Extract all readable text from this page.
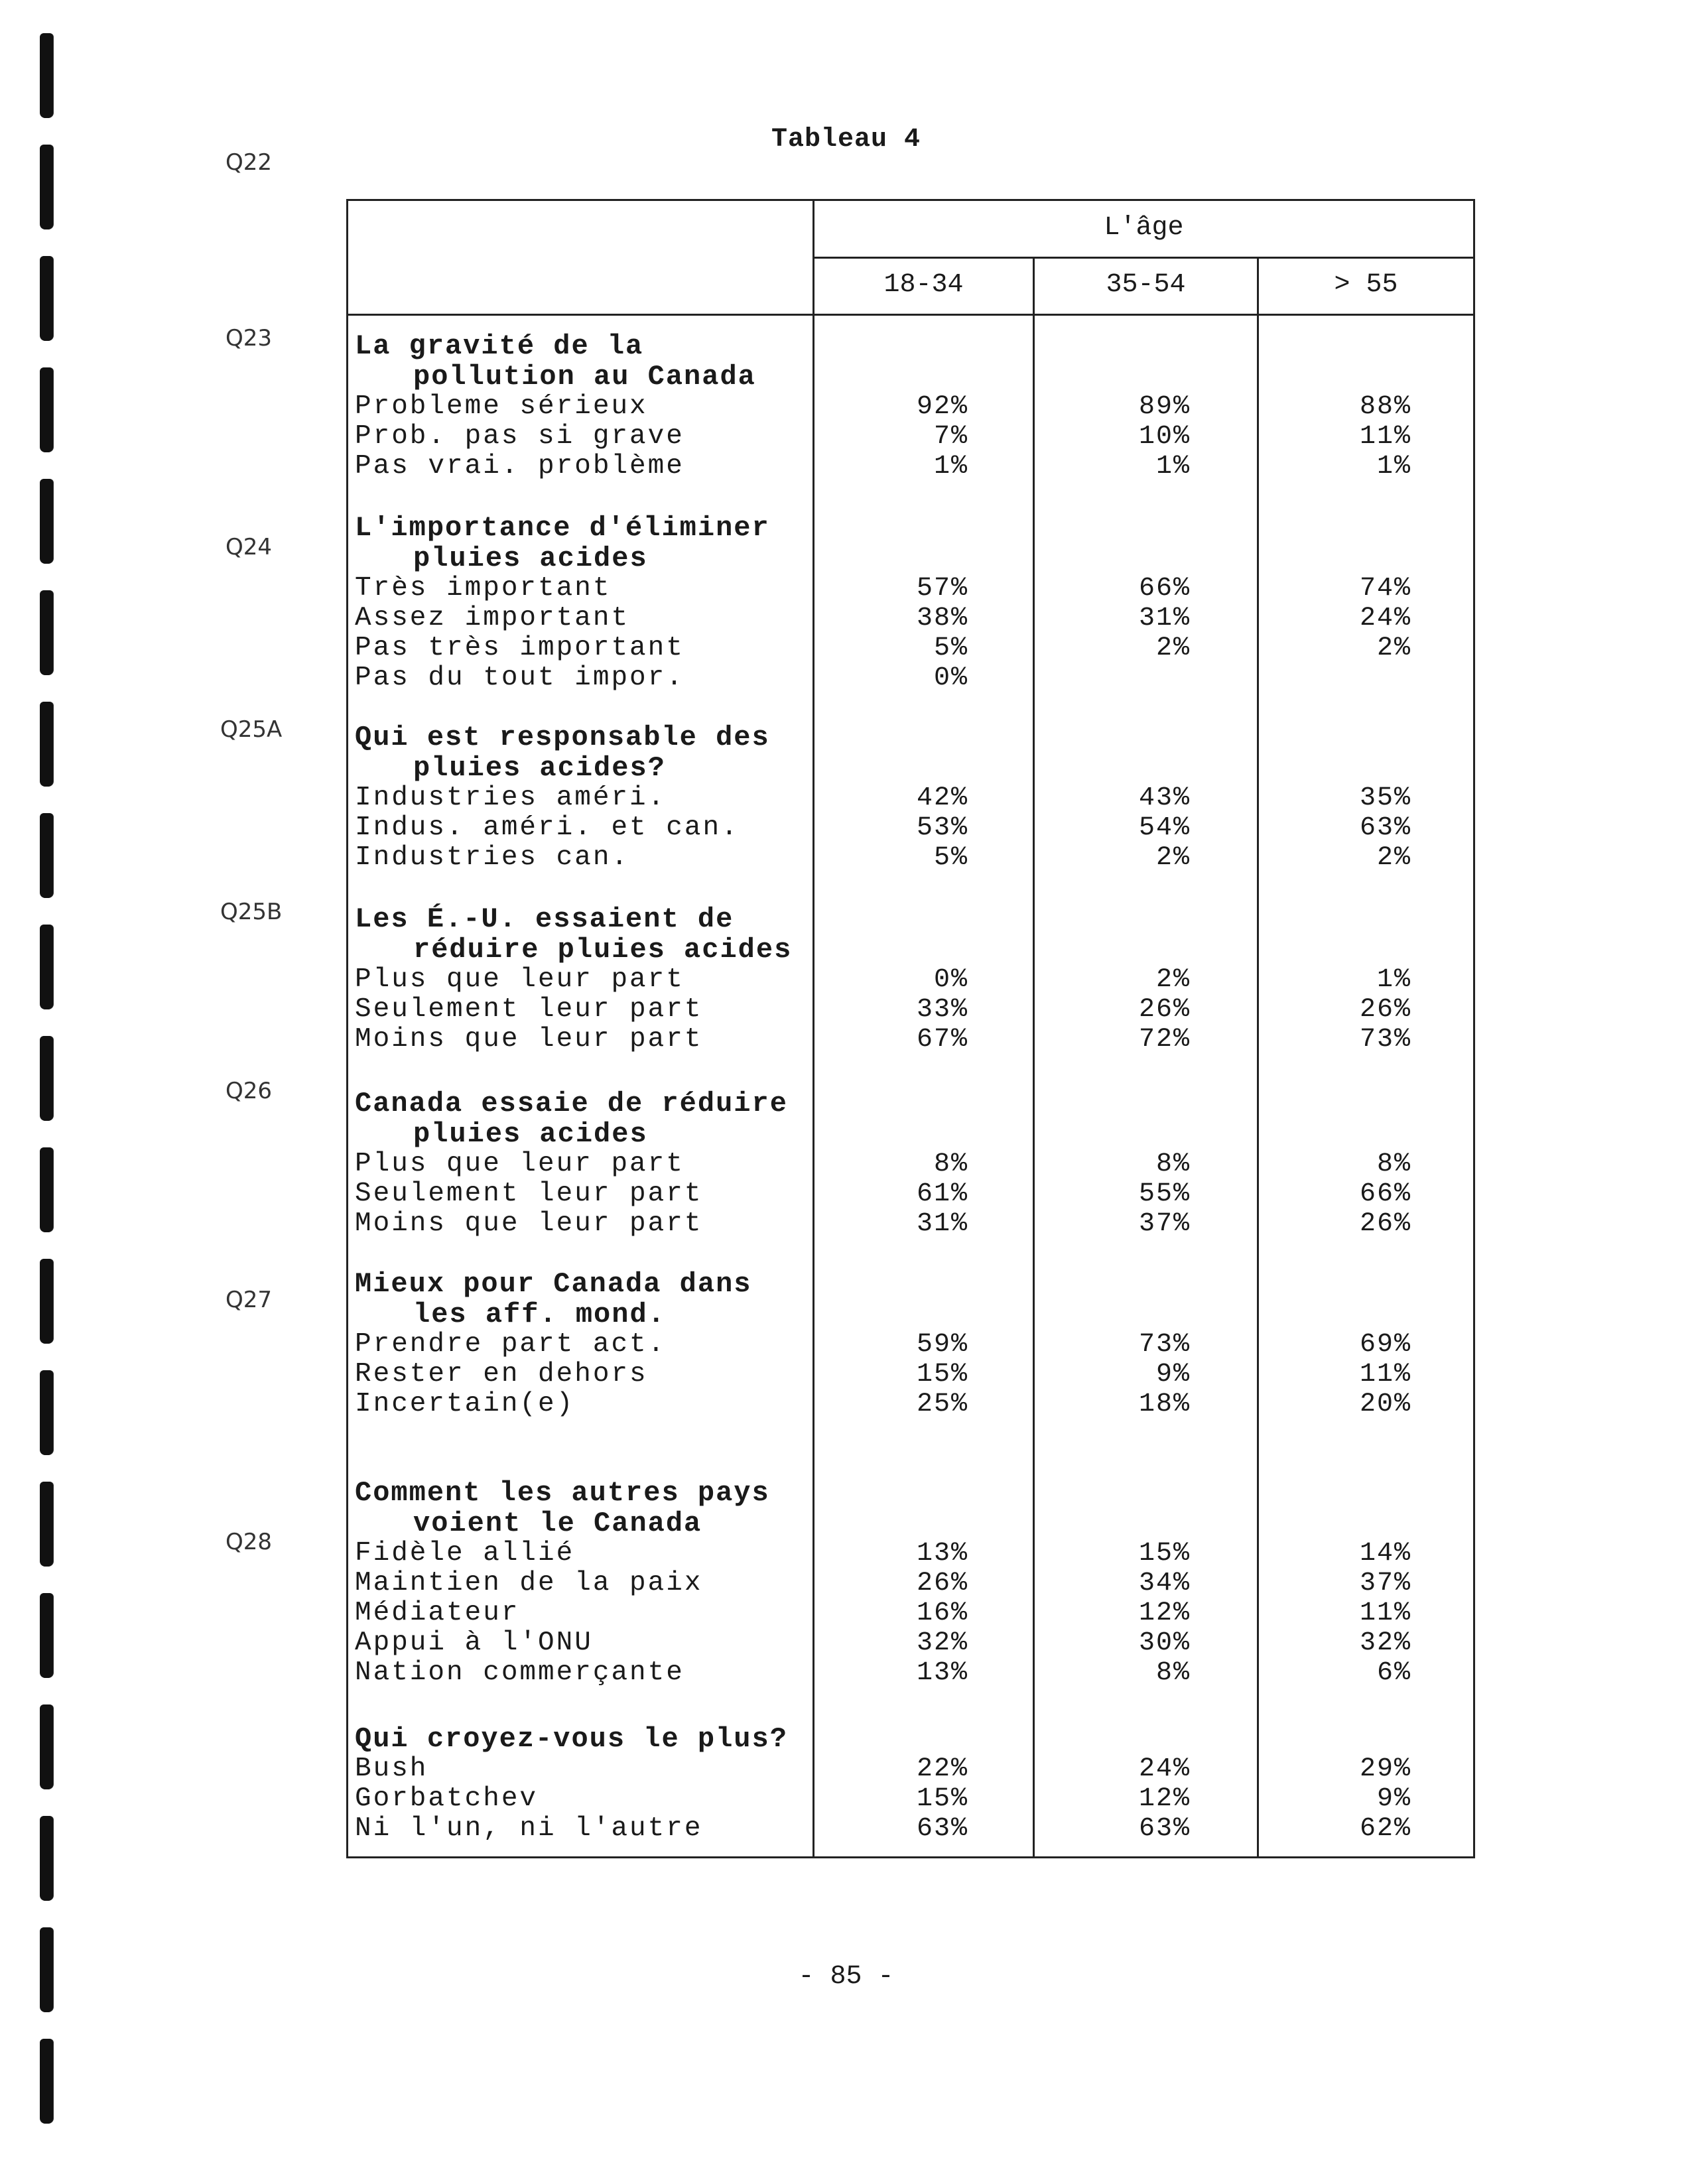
Tableau 4
Q22
Q23
Q24
Q25A
Q25B
Q26
Q27
Q28
L'âge
18-34	35-54	> 55
La gravité de la
pollution au Canada
Probleme sérieux	92%	89%	88%
Prob. pas si grave	7%	10%	11%
Pas vrai. problème	1%	1%	1%
L'importance d'éliminer
pluies acides
Très important	57%	66%	74%
Assez important	38%	31%	24%
Pas très important	5%	2%	2%
Pas du tout impor.	0%
Qui est responsable des
pluies acides?
Industries améri.	42%	43%	35%
Indus. améri. et can.	53%	54%	63%
Industries can.	5%	2%	2%
Les É.-U. essaient de
réduire pluies acides
Plus que leur part	0%	2%	1%
Seulement leur part	33%	26%	26%
Moins que leur part	67%	72%	73%
Canada essaie de réduire
pluies acides
Plus que leur part	8%	8%	8%
Seulement leur part	61%	55%	66%
Moins que leur part	31%	37%	26%
Mieux pour Canada dans
les aff. mond.
Prendre part act.	59%	73%	69%
Rester en dehors	15%	9%	11%
Incertain(e)	25%	18%	20%
Comment les autres pays
voient le Canada
Fidèle allié	13%	15%	14%
Maintien de la paix	26%	34%	37%
Médiateur	16%	12%	11%
Appui à l'ONU	32%	30%	32%
Nation commerçante	13%	8%	6%
Qui croyez-vous le plus?
Bush	22%	24%	29%
Gorbatchev	15%	12%	9%
Ni l'un, ni l'autre	63%	63%	62%
- 85 -
